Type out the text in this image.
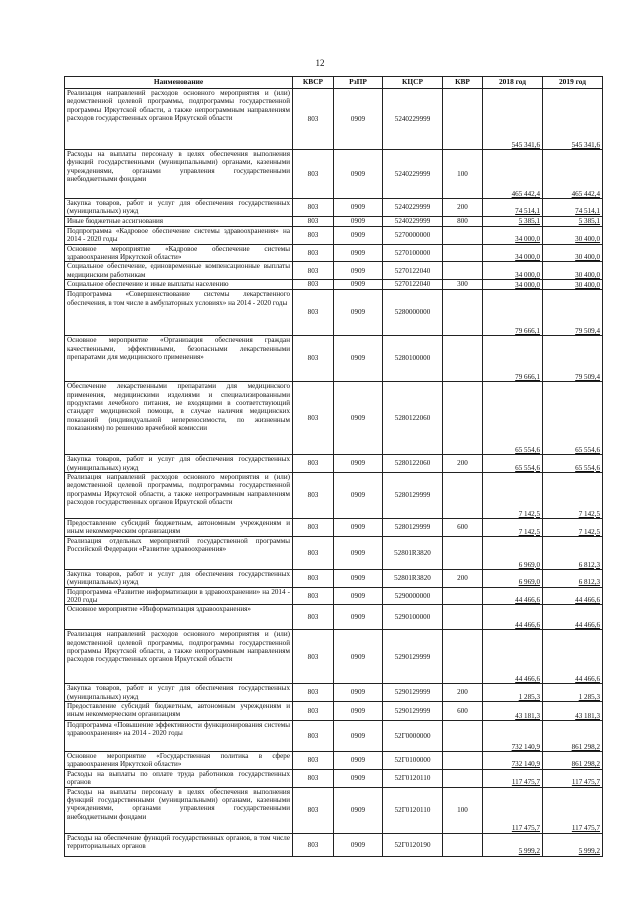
12
Наименование	КВСР	РзПР	КЦСР	КВР	2018 год	2019 год
Реализация направлений расходов основного мероприятия и (или) ведомственной целевой программы, подпрограммы государственной программы Иркутской области, а также непрограммным направлениям расходов государственных органов Иркутской области	803	0909	5240229999		545 341,6	545 341,6
Расходы на выплаты персоналу в целях обеспечения выполнения функций государственными (муниципальными) органами, казенными учреждениями, органами управления государственными внебюджетными фондами	803	0909	5240229999	100	465 442,4	465 442,4
Закупка товаров, работ и услуг для обеспечения государственных (муниципальных) нужд	803	0909	5240229999	200	74 514,1	74 514,1
Иные бюджетные ассигнования	803	0909	5240229999	800	5 385,1	5 385,1
Подпрограмма «Кадровое обеспечение системы здравоохранения» на 2014 - 2020 годы	803	0909	5270000000		34 000,0	30 400,0
Основное мероприятие «Кадровое обеспечение системы здравоохранения Иркутской области»	803	0909	5270100000		34 000,0	30 400,0
Социальное обеспечение, единовременные компенсационные выплаты медицинским работникам	803	0909	5270122040		34 000,0	30 400,0
Социальное обеспечение и иные выплаты населению	803	0909	5270122040	300	34 000,0	30 400,0
Подпрограмма «Совершенствование системы лекарственного обеспечения, в том числе в амбулаторных условиях» на 2014 - 2020 годы	803	0909	5280000000		79 666,1	79 509,4
Основное мероприятие «Организация обеспечения граждан качественными, эффективными, безопасными лекарственными препаратами для медицинского применения»	803	0909	5280100000		79 666,1	79 509,4
Обеспечение лекарственными препаратами для медицинского применения, медицинскими изделиями и специализированными продуктами лечебного питания, не входящими в соответствующий стандарт медицинской помощи, в случае наличия медицинских показаний (индивидуальной непереносимости, по жизненным показаниям) по решению врачебной комиссии	803	0909	5280122060		65 554,6	65 554,6
Закупка товаров, работ и услуг для обеспечения государственных (муниципальных) нужд	803	0909	5280122060	200	65 554,6	65 554,6
Реализация направлений расходов основного мероприятия и (или) ведомственной целевой программы, подпрограммы государственной программы Иркутской области, а также непрограммным направлениям расходов государственных органов Иркутской области	803	0909	5280129999		7 142,5	7 142,5
Предоставление субсидий бюджетным, автономным учреждениям и иным некоммерческим организациям	803	0909	5280129999	600	7 142,5	7 142,5
Реализация отдельных мероприятий государственной программы Российской Федерации «Развитие здравоохранения»	803	0909	52801R3820		6 969,0	6 812,3
Закупка товаров, работ и услуг для обеспечения государственных (муниципальных) нужд	803	0909	52801R3820	200	6 969,0	6 812,3
Подпрограмма «Развитие информатизации в здравоохранении» на 2014 - 2020 годы	803	0909	5290000000		44 466,6	44 466,6
Основное мероприятие «Информатизация здравоохранения»	803	0909	5290100000		44 466,6	44 466,6
Реализация направлений расходов основного мероприятия и (или) ведомственной целевой программы, подпрограммы государственной программы Иркутской области, а также непрограммным направлениям расходов государственных органов Иркутской области	803	0909	5290129999		44 466,6	44 466,6
Закупка товаров, работ и услуг для обеспечения государственных (муниципальных) нужд	803	0909	5290129999	200	1 285,3	1 285,3
Предоставление субсидий бюджетным, автономным учреждениям и иным некоммерческим организациям	803	0909	5290129999	600	43 181,3	43 181,3
Подпрограмма «Повышение эффективности функционирования системы здравоохранения» на 2014 - 2020 годы	803	0909	52Г0000000		732 140,9	861 298,2
Основное мероприятие «Государственная политика в сфере здравоохранения Иркутской области»	803	0909	52Г0100000		732 140,9	861 298,2
Расходы на выплаты по оплате труда работников государственных органов	803	0909	52Г0120110		117 475,7	117 475,7
Расходы на выплаты персоналу в целях обеспечения выполнения функций государственными (муниципальными) органами, казенными учреждениями, органами управления государственными внебюджетными фондами	803	0909	52Г0120110	100	117 475,7	117 475,7
Расходы на обеспечение функций государственных органов, в том числе территориальных органов	803	0909	52Г0120190		5 999,2	5 999,2
